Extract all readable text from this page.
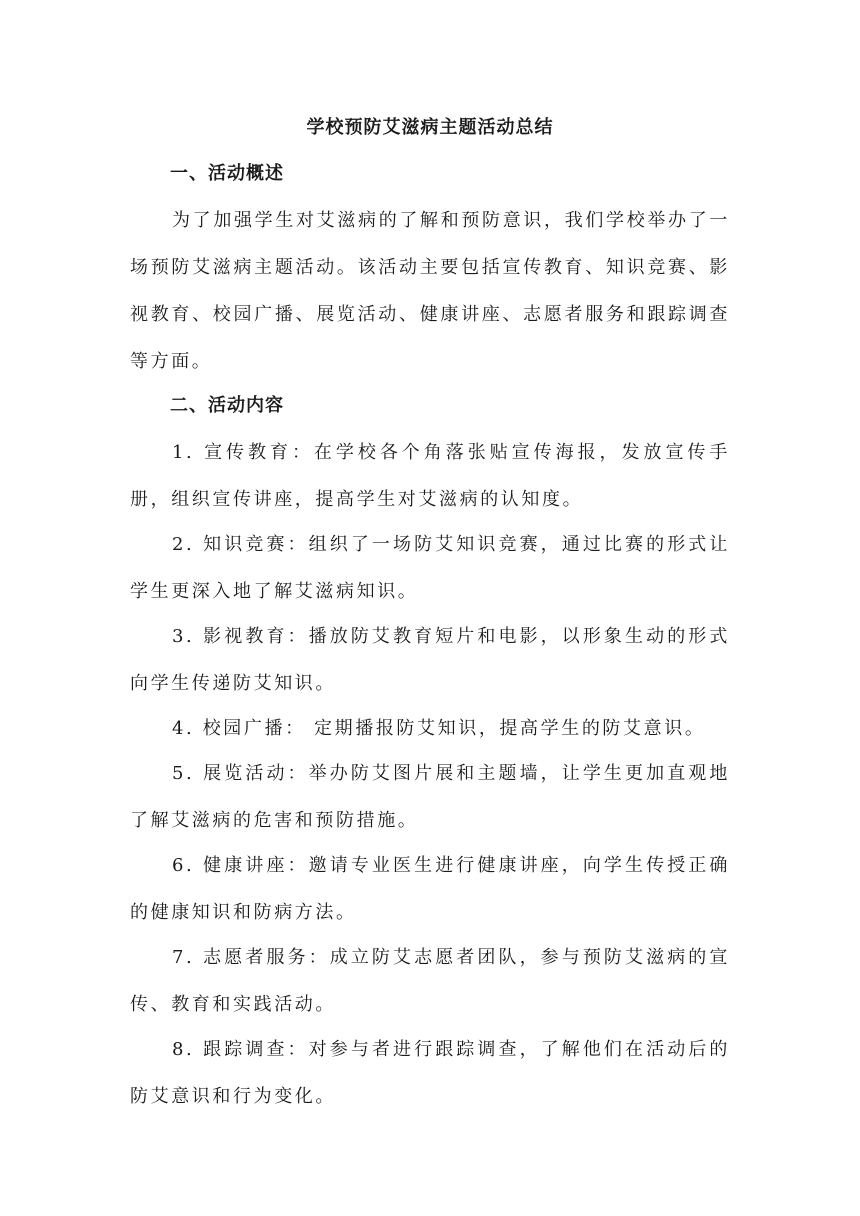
学校预防艾滋病主题活动总结
一、活动概述

为了加强学生对艾滋病的了解和预防意识，我们学校举办了一场预防艾滋病主题活动。该活动主要包括宣传教育、知识竞赛、影视教育、校园广播、展览活动、健康讲座、志愿者服务和跟踪调查等方面。

二、活动内容

1. 宣传教育：在学校各个角落张贴宣传海报，发放宣传手册，组织宣传讲座，提高学生对艾滋病的认知度。

2. 知识竞赛：组织了一场防艾知识竞赛，通过比赛的形式让学生更深入地了解艾滋病知识。

3. 影视教育：播放防艾教育短片和电影，以形象生动的形式向学生传递防艾知识。

4. 校园广播： 定期播报防艾知识，提高学生的防艾意识。

5. 展览活动：举办防艾图片展和主题墙，让学生更加直观地了解艾滋病的危害和预防措施。

6. 健康讲座：邀请专业医生进行健康讲座，向学生传授正确的健康知识和防病方法。

7. 志愿者服务：成立防艾志愿者团队，参与预防艾滋病的宣传、教育和实践活动。

8. 跟踪调查：对参与者进行跟踪调查，了解他们在活动后的防艾意识和行为变化。
